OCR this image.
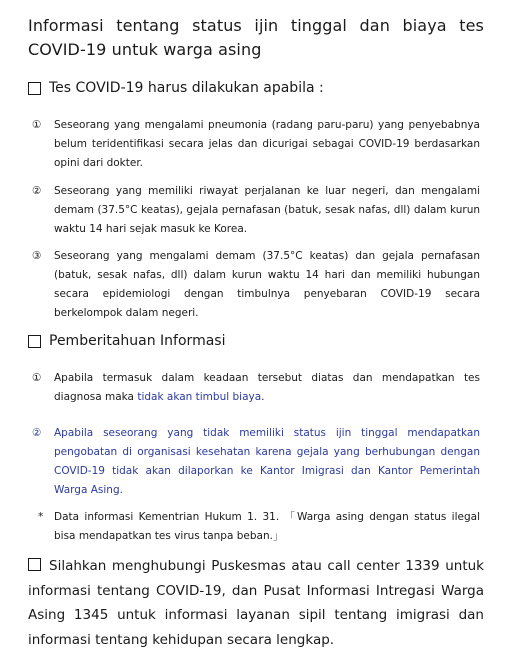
Informasi tentang status ijin tinggal dan biaya tes COVID-19 untuk warga asing
Tes COVID-19 harus dilakukan apabila :
①	Seseorang yang mengalami pneumonia (radang paru-paru) yang penyebabnya belum teridentifikasi secara jelas dan dicurigai sebagai COVID-19 berdasarkan opini dari dokter.
②	Seseorang yang memiliki riwayat perjalanan ke luar negeri, dan mengalami demam (37.5°C keatas), gejala pernafasan (batuk, sesak nafas, dll) dalam kurun waktu 14 hari sejak masuk ke Korea.
③	Seseorang yang mengalami demam (37.5°C keatas) dan gejala pernafasan (batuk, sesak nafas, dll) dalam kurun waktu 14 hari dan memiliki hubungan secara epidemiologi dengan timbulnya penyebaran COVID-19 secara berkelompok dalam negeri.
Pemberitahuan Informasi
①	Apabila termasuk dalam keadaan tersebut diatas dan mendapatkan tes diagnosa maka tidak akan timbul biaya.
②	Apabila seseorang yang tidak memiliki status ijin tinggal mendapatkan pengobatan di organisasi kesehatan karena gejala yang berhubungan dengan COVID-19 tidak akan dilaporkan ke Kantor Imigrasi dan Kantor Pemerintah Warga Asing.
*	Data informasi Kementrian Hukum 1. 31. 「Warga asing dengan status ilegal bisa mendapatkan tes virus tanpa beban.」

Silahkan menghubungi Puskesmas atau call center 1339 untuk informasi tentang COVID-19, dan Pusat Informasi Intregasi Warga Asing 1345 untuk informasi layanan sipil tentang imigrasi dan informasi tentang kehidupan secara lengkap.
